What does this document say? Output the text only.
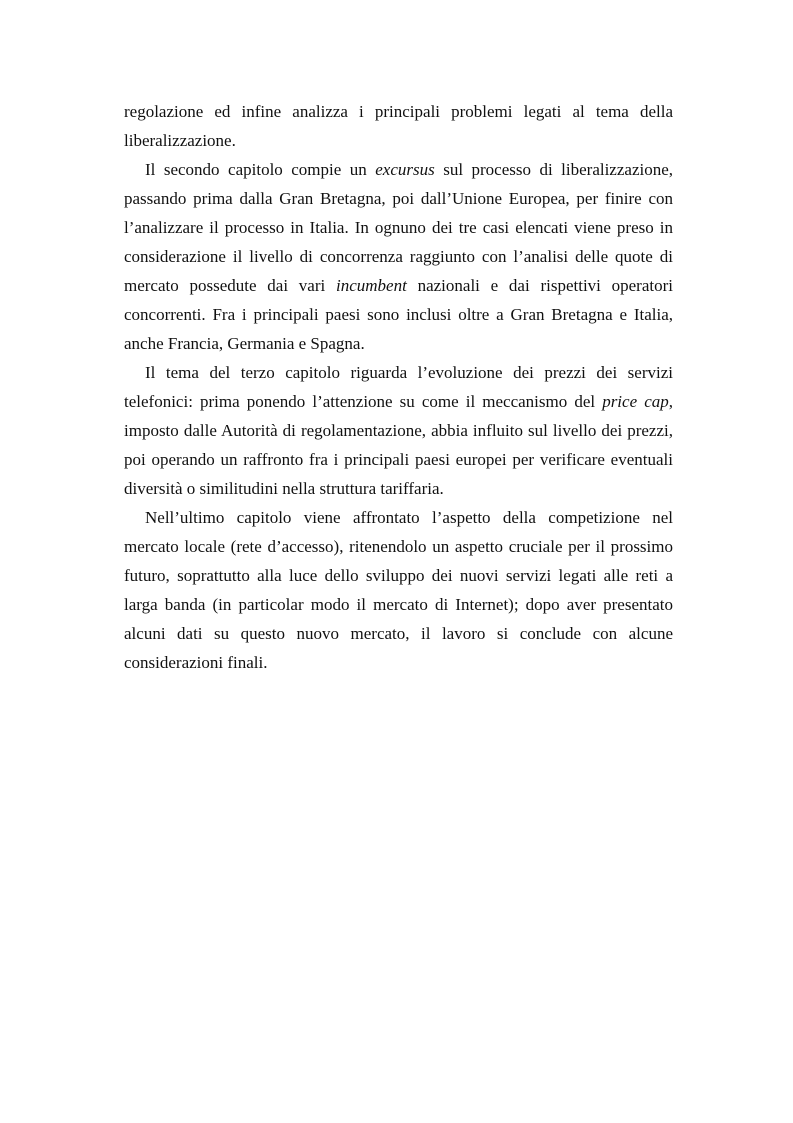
regolazione ed infine analizza i principali problemi legati al tema della liberalizzazione.

Il secondo capitolo compie un excursus sul processo di liberalizzazione, passando prima dalla Gran Bretagna, poi dall’Unione Europea, per finire con l’analizzare il processo in Italia. In ognuno dei tre casi elencati viene preso in considerazione il livello di concorrenza raggiunto con l’analisi delle quote di mercato possedute dai vari incumbent nazionali e dai rispettivi operatori concorrenti. Fra i principali paesi sono inclusi oltre a Gran Bretagna e Italia, anche Francia, Germania e Spagna.

Il tema del terzo capitolo riguarda l’evoluzione dei prezzi dei servizi telefonici: prima ponendo l’attenzione su come il meccanismo del price cap, imposto dalle Autorità di regolamentazione, abbia influito sul livello dei prezzi, poi operando un raffronto fra i principali paesi europei per verificare eventuali diversità o similitudini nella struttura tariffaria.

Nell’ultimo capitolo viene affrontato l’aspetto della competizione nel mercato locale (rete d’accesso), ritenendolo un aspetto cruciale per il prossimo futuro, soprattutto alla luce dello sviluppo dei nuovi servizi legati alle reti a larga banda (in particolar modo il mercato di Internet); dopo aver presentato alcuni dati su questo nuovo mercato, il lavoro si conclude con alcune considerazioni finali.
